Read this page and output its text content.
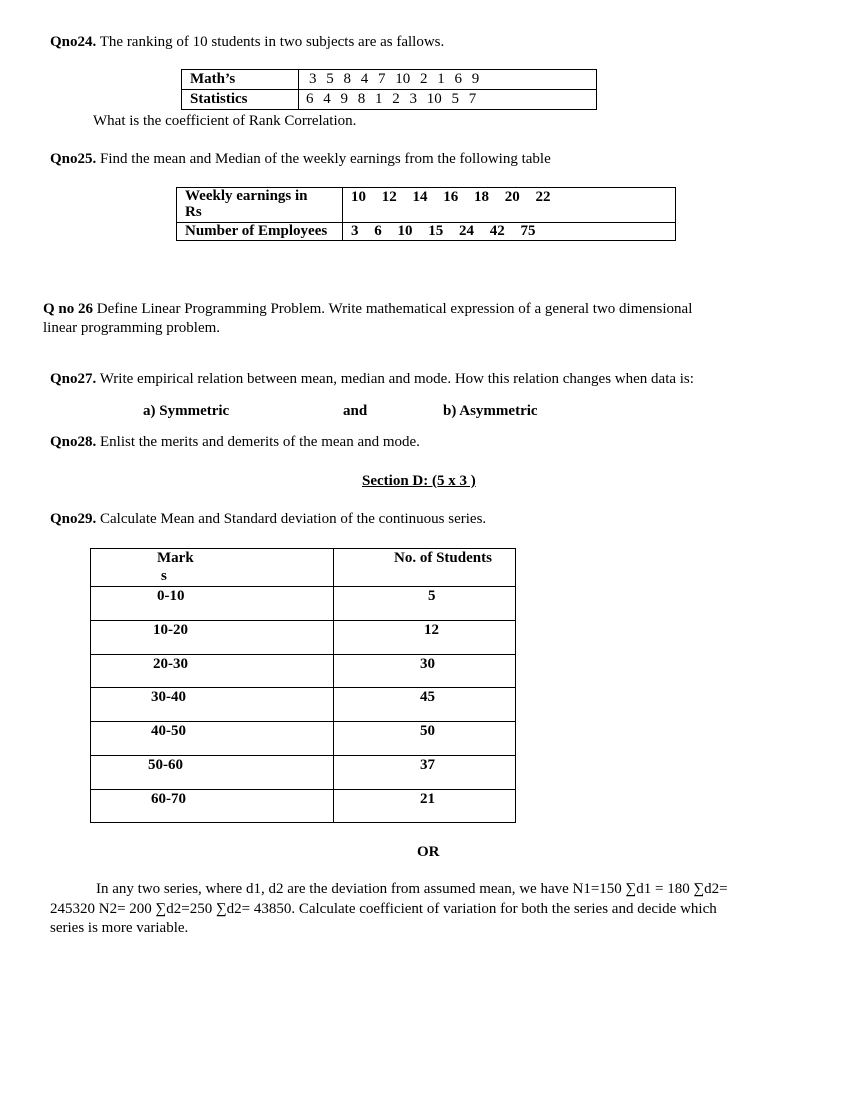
Qno24. The ranking of 10 students in two subjects are as fallows.
Math’s	3 5 8 4 7 10 2 1 6 9
Statistics	6 4 9 8 1 2 3 10 5 7
What is the coefficient of Rank Correlation.
Qno25. Find the mean and Median of the weekly earnings from the following table
Weekly earnings in
Rs	10 12 14 16 18 20 22
Number of Employees	3 6 10 15 24 42 75
Q no 26 Define Linear Programming Problem. Write mathematical expression of a general two dimensional
linear programming problem.
Qno27. Write empirical relation between mean, median and mode. How this relation changes when data is:
a) Symmetric	and	b) Asymmetric
Qno28. Enlist the merits and demerits of the mean and mode.
Section D: (5 x 3 )
Qno29. Calculate Mean and Standard deviation of the continuous series.
Mark
s	No. of Students
0-10	5
10-20	12
20-30	30
30-40	45
40-50	50
50-60	37
60-70	21
OR
In any two series, where d1, d2 are the deviation from assumed mean, we have N1=150 ∑d1 = 180 ∑d2=
245320 N2= 200 ∑d2=250 ∑d2= 43850. Calculate coefficient of variation for both the series and decide which
series is more variable.
